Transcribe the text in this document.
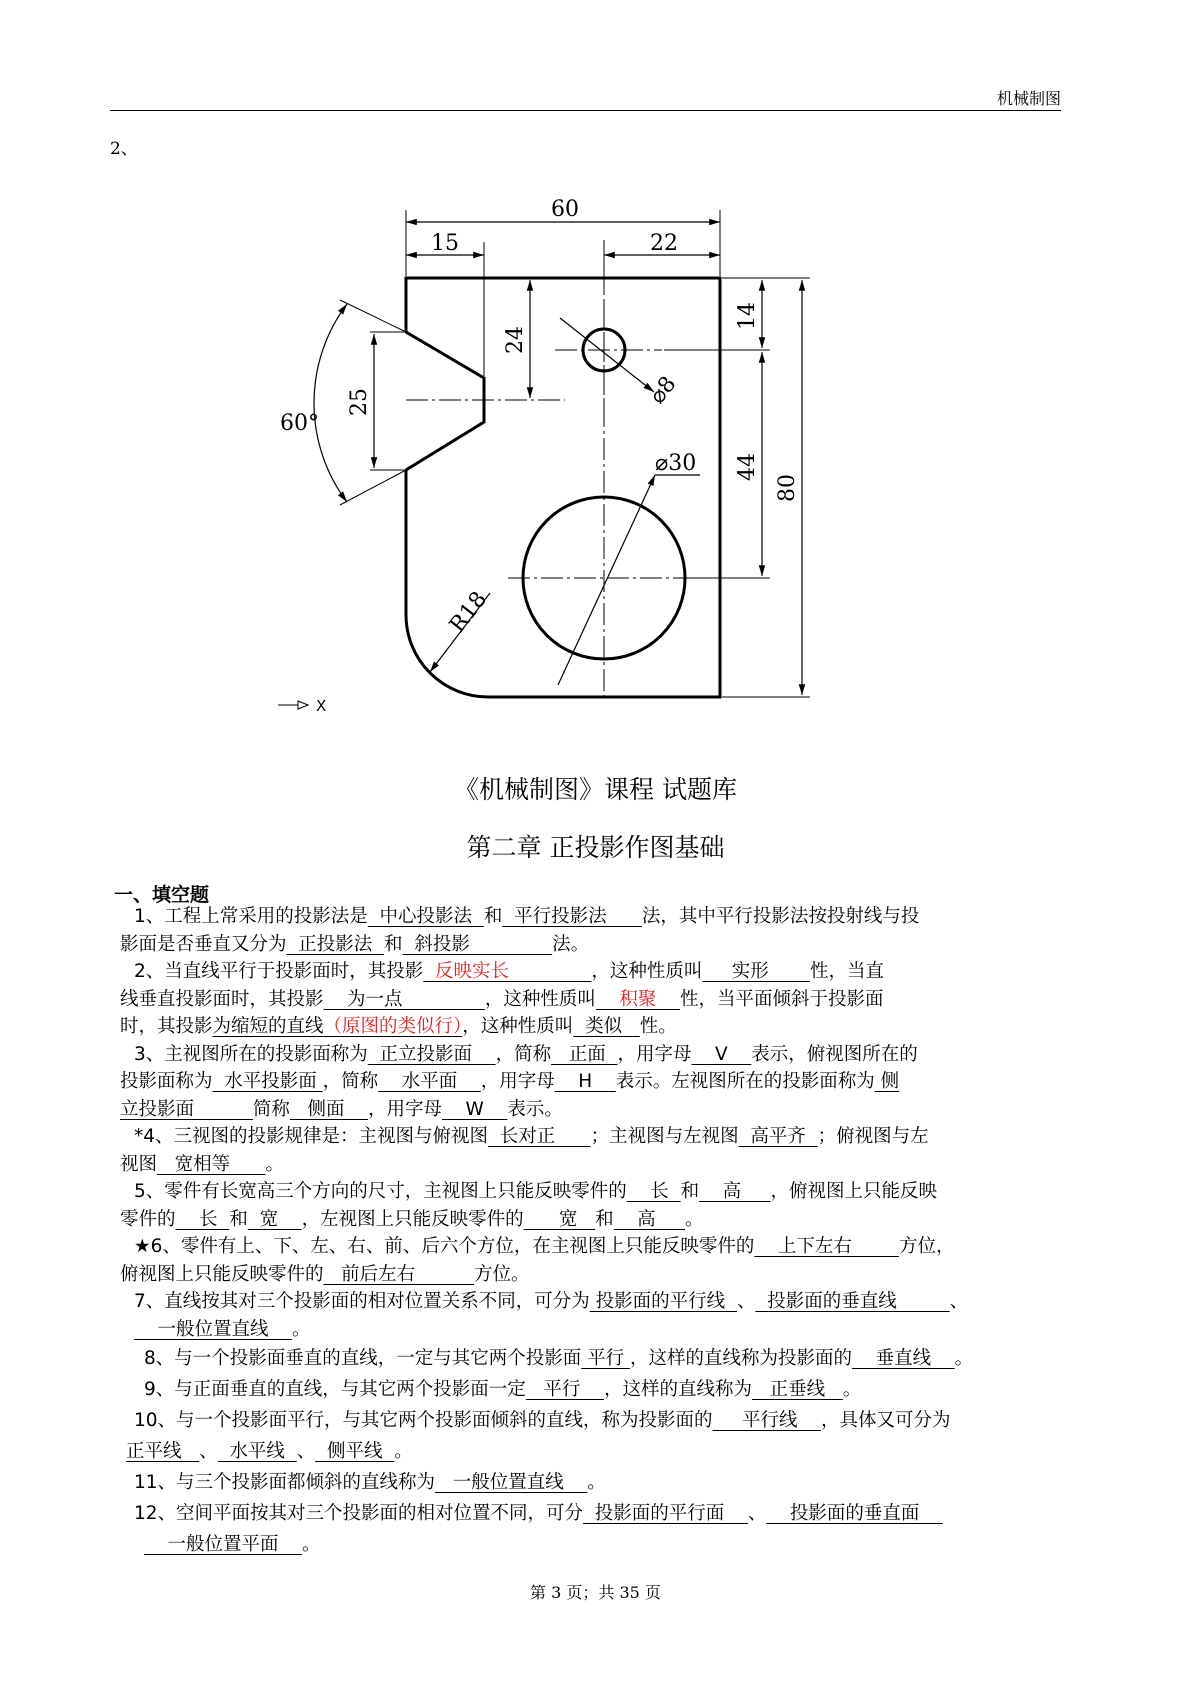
机械制图
2、
60
15	22
24
25
14
44
80
60°
⌀8
⌀30
R18
X
《机械制图》课程 试题库
第二章 正投影作图基础
一、填空题
1、工程上常采用的投影法是  中心投影法  和  平行投影法      法，其中平行投影法按投射线与投
影面是否垂直又分为  正投影法  和  斜投影              法。
2、当直线平行于投影面时，其投影  反映实长              ，这种性质叫     实形       性，当直
线垂直投影面时，其投影    为一点              ，这种性质叫    积聚    性，当平面倾斜于投影面
时，其投影为缩短的直线（原图的类似行），这种性质叫  类似   性。
3、主视图所在的投影面称为  正立投影面    ，简称   正面  ，用字母    V    表示，俯视图所在的
投影面称为  水平投影面 ，简称    水平面    ，用字母    H    表示。左视图所在的投影面称为 侧
立投影面          简称   侧面    ，用字母    W    表示。
*4、三视图的投影规律是：主视图与俯视图  长对正      ；主视图与左视图  高平齐  ；俯视图与左
视图   宽相等      。
5、零件有长宽高三个方向的尺寸，主视图上只能反映零件的    长  和    高     ，俯视图上只能反映
零件的    长  和  宽    ，左视图上只能反映零件的      宽   和    高     。
★6、零件有上、下、左、右、前、后六个方位，在主视图上只能反映零件的    上下左右        方位，
俯视图上只能反映零件的   前后左右          方位。
7、直线按其对三个投影面的相对位置关系不同，可分为 投影面的平行线  、  投影面的垂直线         、
一般位置直线    。
8、与一个投影面垂直的直线，一定与其它两个投影面 平行 ，这样的直线称为投影面的    垂直线    。
9、与正面垂直的直线，与其它两个投影面一定   平行    ，这样的直线称为   正垂线   。
10、与一个投影面平行，与其它两个投影面倾斜的直线，称为投影面的     平行线    ，具体又可分为
正平线   、  水平线  、  侧平线  。
11、与三个投影面都倾斜的直线称为   一般位置直线    。
12、空间平面按其对三个投影面的相对位置不同，可分  投影面的平行面    、    投影面的垂直面
一般位置平面    。
第 3 页；共 35 页
